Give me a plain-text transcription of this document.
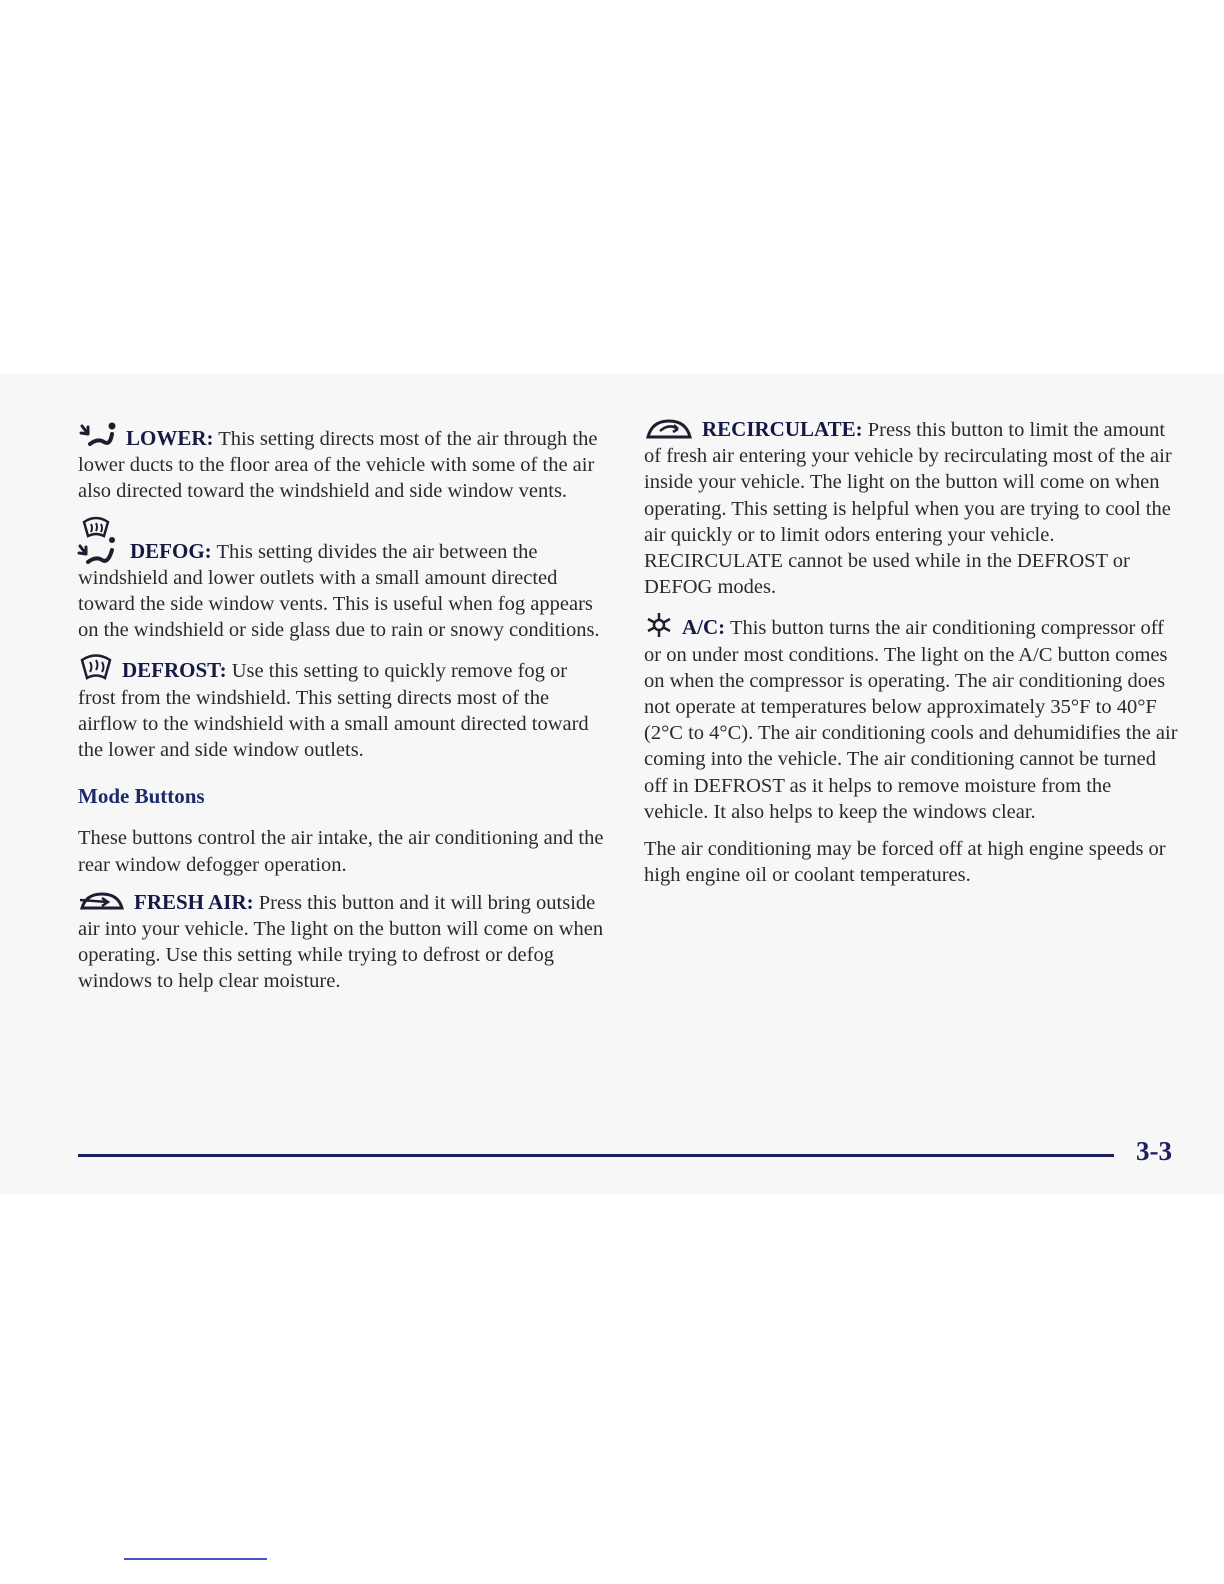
LOWER: This setting directs most of the air through the lower ducts to the floor area of the vehicle with some of the air also directed toward the windshield and side window vents.

DEFOG: This setting divides the air between the windshield and lower outlets with a small amount directed toward the side window vents. This is useful when fog appears on the windshield or side glass due to rain or snowy conditions.

DEFROST: Use this setting to quickly remove fog or frost from the windshield. This setting directs most of the airflow to the windshield with a small amount directed toward the lower and side window outlets.

Mode Buttons

These buttons control the air intake, the air conditioning and the rear window defogger operation.

FRESH AIR: Press this button and it will bring outside air into your vehicle. The light on the button will come on when operating. Use this setting while trying to defrost or defog windows to help clear moisture.

RECIRCULATE: Press this button to limit the amount of fresh air entering your vehicle by recirculating most of the air inside your vehicle. The light on the button will come on when operating. This setting is helpful when you are trying to cool the air quickly or to limit odors entering your vehicle. RECIRCULATE cannot be used while in the DEFROST or DEFOG modes.

A/C: This button turns the air conditioning compressor off or on under most conditions. The light on the A/C button comes on when the compressor is operating. The air conditioning does not operate at temperatures below approximately 35°F to 40°F (2°C to 4°C). The air conditioning cools and dehumidifies the air coming into the vehicle. The air conditioning cannot be turned off in DEFROST as it helps to remove moisture from the vehicle. It also helps to keep the windows clear.

The air conditioning may be forced off at high engine speeds or high engine oil or coolant temperatures.

3-3
